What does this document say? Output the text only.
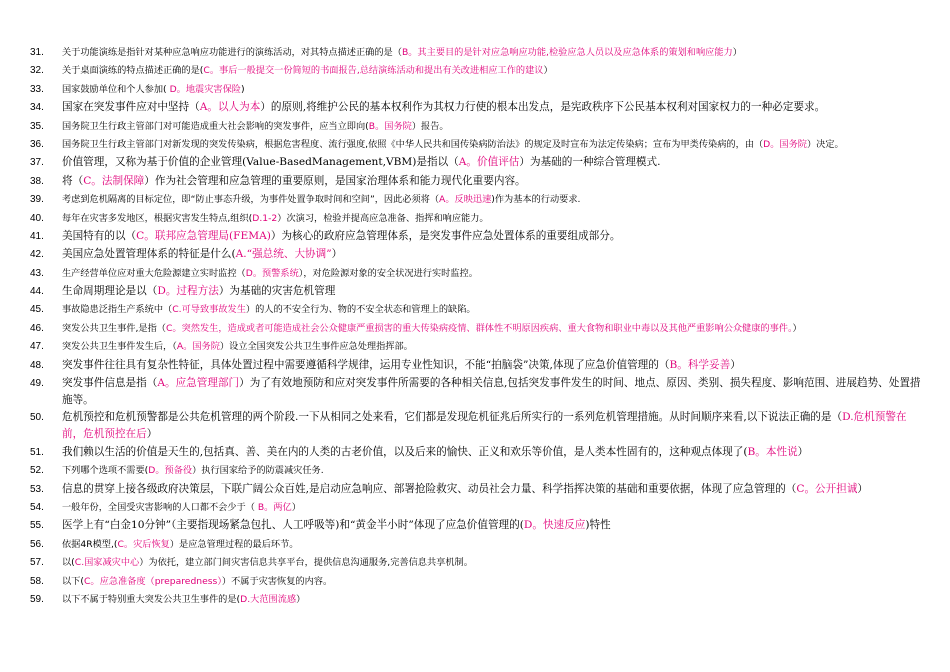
31.	关于功能演练是指针对某种应急响应功能进行的演练活动，对其特点描述正确的是（B。其主要目的是针对应急响应功能,检验应急人员以及应急体系的策划和响应能力）
32.	关于桌面演练的特点描述正确的是(C。事后一般提交一份简短的书面报告,总结演练活动和提出有关改进相应工作的建议）
33.	国家鼓励单位和个人参加( D。地震灾害保险)
34.	国家在突发事件应对中坚持（A。以人为本）的原则,将维护公民的基本权利作为其权力行使的根本出发点，是宪政秩序下公民基本权利对国家权力的一种必定要求。
35.	国务院卫生行政主管部门对可能造成重大社会影响的突发事件，应当立即向(B。国务院）报告。
36.	国务院卫生行政主管部门对新发现的突发传染病，根据危害程度、流行强度,依照《中华人民共和国传染病防治法》的规定及时宣布为法定传染病；宣布为甲类传染病的，由（D。国务院）决定。
37.	价值管理，又称为基于价值的企业管理(Value-BasedManagement,VBM)是指以（A。价值评估）为基础的一种综合管理模式.
38.	将（C。法制保障）作为社会管理和应急管理的重要原则，是国家治理体系和能力现代化重要内容。
39.	考虑到危机隔离的目标定位，即“防止事态升级，为事件处置争取时间和空间”，因此必须将（A。反映迅速)作为基本的行动要求.
40.	每年在灾害多发地区，根据灾害发生特点,组织(D.1-2）次演习，检验并提高应急准备、指挥和响应能力。
41.	美国特有的以（C。联邦应急管理局(FEMA)）为核心的政府应急管理体系，是突发事件应急处置体系的重要组成部分。
42.	美国应急处置管理体系的特征是什么(A.“强总统、大协调”）
43.	生产经营单位应对重大危险源建立实时监控（D。预警系统），对危险源对象的安全状况进行实时监控。
44.	生命周期理论是以（D。过程方法）为基础的灾害危机管理
45.	事故隐患泛指生产系统中（C.可导致事故发生）的人的不安全行为、物的不安全状态和管理上的缺陷。
46.	突发公共卫生事件,是指（C。突然发生，造成或者可能造成社会公众健康严重损害的重大传染病疫情、群体性不明原因疾病、重大食物和职业中毒以及其他严重影响公众健康的事件。）
47.	突发公共卫生事件发生后，（A。国务院）设立全国突发公共卫生事件应急处理指挥部。
48.	突发事件往往具有复杂性特征，具体处置过程中需要遵循科学规律，运用专业性知识，不能“拍脑袋”决策,体现了应急价值管理的（B。科学妥善）
49.	突发事件信息是指（A。应急管理部门）为了有效地预防和应对突发事件所需要的各种相关信息,包括突发事件发生的时间、地点、原因、类别、损失程度、影响范围、进展趋势、处置措施等。
50.	危机预控和危机预警都是公共危机管理的两个阶段.一下从相同之处来看，它们都是发现危机征兆后所实行的一系列危机管理措施。从时间顺序来看,以下说法正确的是（D.危机预警在前，危机预控在后）
51.	我们赖以生活的价值是天生的,包括真、善、美在内的人类的古老价值，以及后来的愉快、正义和欢乐等价值，是人类本性固有的，这种观点体现了(B。本性说）
52.	下列哪个选项不需要(D。预备役）执行国家给予的防震减灾任务.
53.	信息的贯穿上接各级政府决策层，下联广阔公众百姓,是启动应急响应、部署抢险救灾、动员社会力量、科学指挥决策的基础和重要依据，体现了应急管理的（C。公开担诚）
54.	一般年份，全国受灾害影响的人口都不会少于（ B。两亿）
55.	医学上有“白金10分钟”（主要指现场紧急包扎、人工呼吸等)和“黄金半小时”体现了应急价值管理的(D。快速反应)特性
56.	依据4R模型,(C。灾后恢复）是应急管理过程的最后环节。
57.	以(C.国家减灾中心）为依托，建立部门间灾害信息共享平台，提供信息沟通服务,完善信息共享机制。
58.	以下(C。应急准备度（preparedness））不属于灾害恢复的内容。
59.	以下不属于特别重大突发公共卫生事件的是(D.大范围流感）
